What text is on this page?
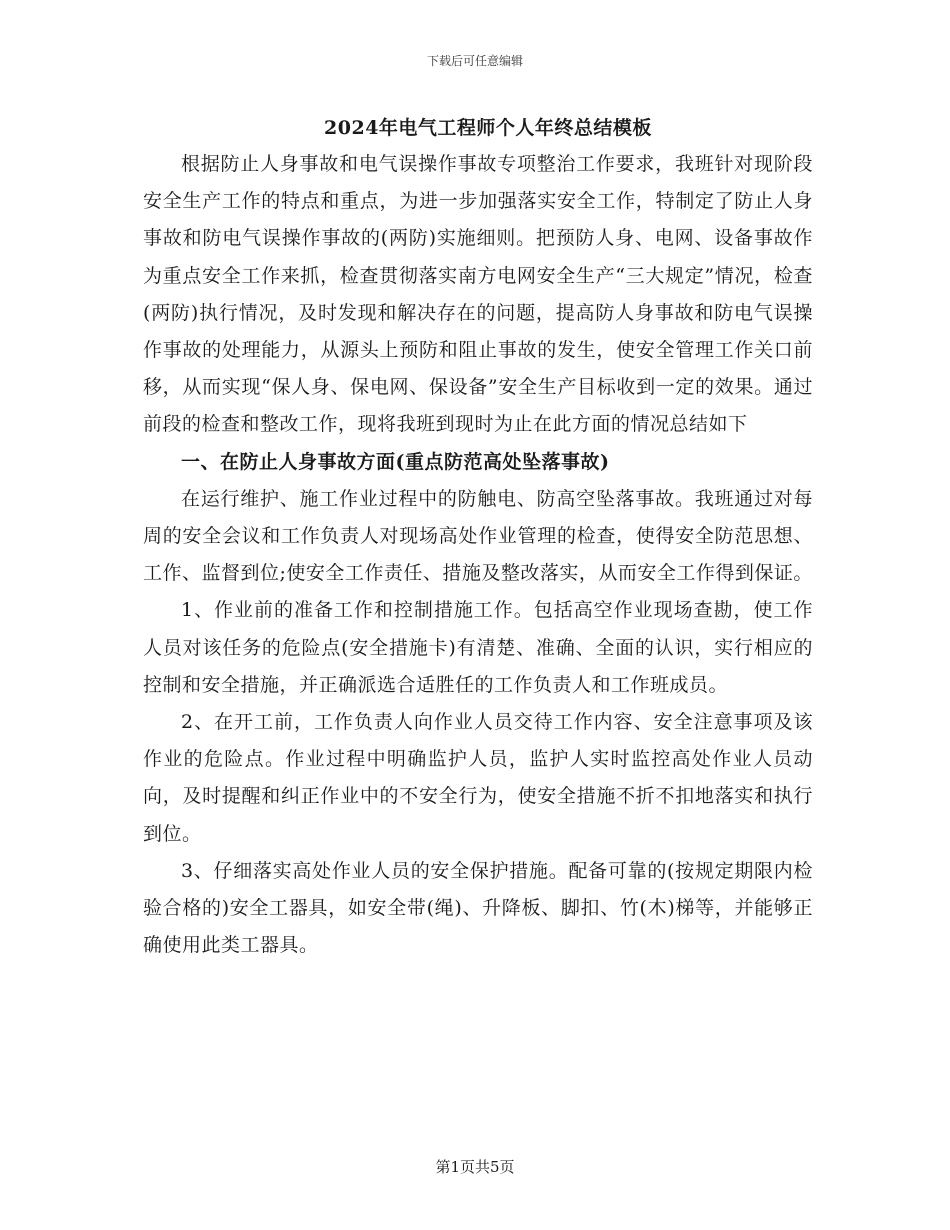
下载后可任意编辑
2024年电气工程师个人年终总结模板

根据防止人身事故和电气误操作事故专项整治工作要求，我班针对现阶段安全生产工作的特点和重点，为进一步加强落实安全工作，特制定了防止人身事故和防电气误操作事故的(两防)实施细则。把预防人身、电网、设备事故作为重点安全工作来抓，检查贯彻落实南方电网安全生产“三大规定”情况，检查(两防)执行情况，及时发现和解决存在的问题，提高防人身事故和防电气误操作事故的处理能力，从源头上预防和阻止事故的发生，使安全管理工作关口前移，从而实现“保人身、保电网、保设备”安全生产目标收到一定的效果。通过前段的检查和整改工作，现将我班到现时为止在此方面的情况总结如下

一、在防止人身事故方面(重点防范高处坠落事故)

在运行维护、施工作业过程中的防触电、防高空坠落事故。我班通过对每周的安全会议和工作负责人对现场高处作业管理的检查，使得安全防范思想、工作、监督到位;使安全工作责任、措施及整改落实，从而安全工作得到保证。

1、作业前的准备工作和控制措施工作。包括高空作业现场查勘，使工作人员对该任务的危险点(安全措施卡)有清楚、准确、全面的认识，实行相应的控制和安全措施，并正确派选合适胜任的工作负责人和工作班成员。

2、在开工前，工作负责人向作业人员交待工作内容、安全注意事项及该作业的危险点。作业过程中明确监护人员，监护人实时监控高处作业人员动向，及时提醒和纠正作业中的不安全行为，使安全措施不折不扣地落实和执行到位。

3、仔细落实高处作业人员的安全保护措施。配备可靠的(按规定期限内检验合格的)安全工器具，如安全带(绳)、升降板、脚扣、竹(木)梯等，并能够正确使用此类工器具。

第1页共5页
